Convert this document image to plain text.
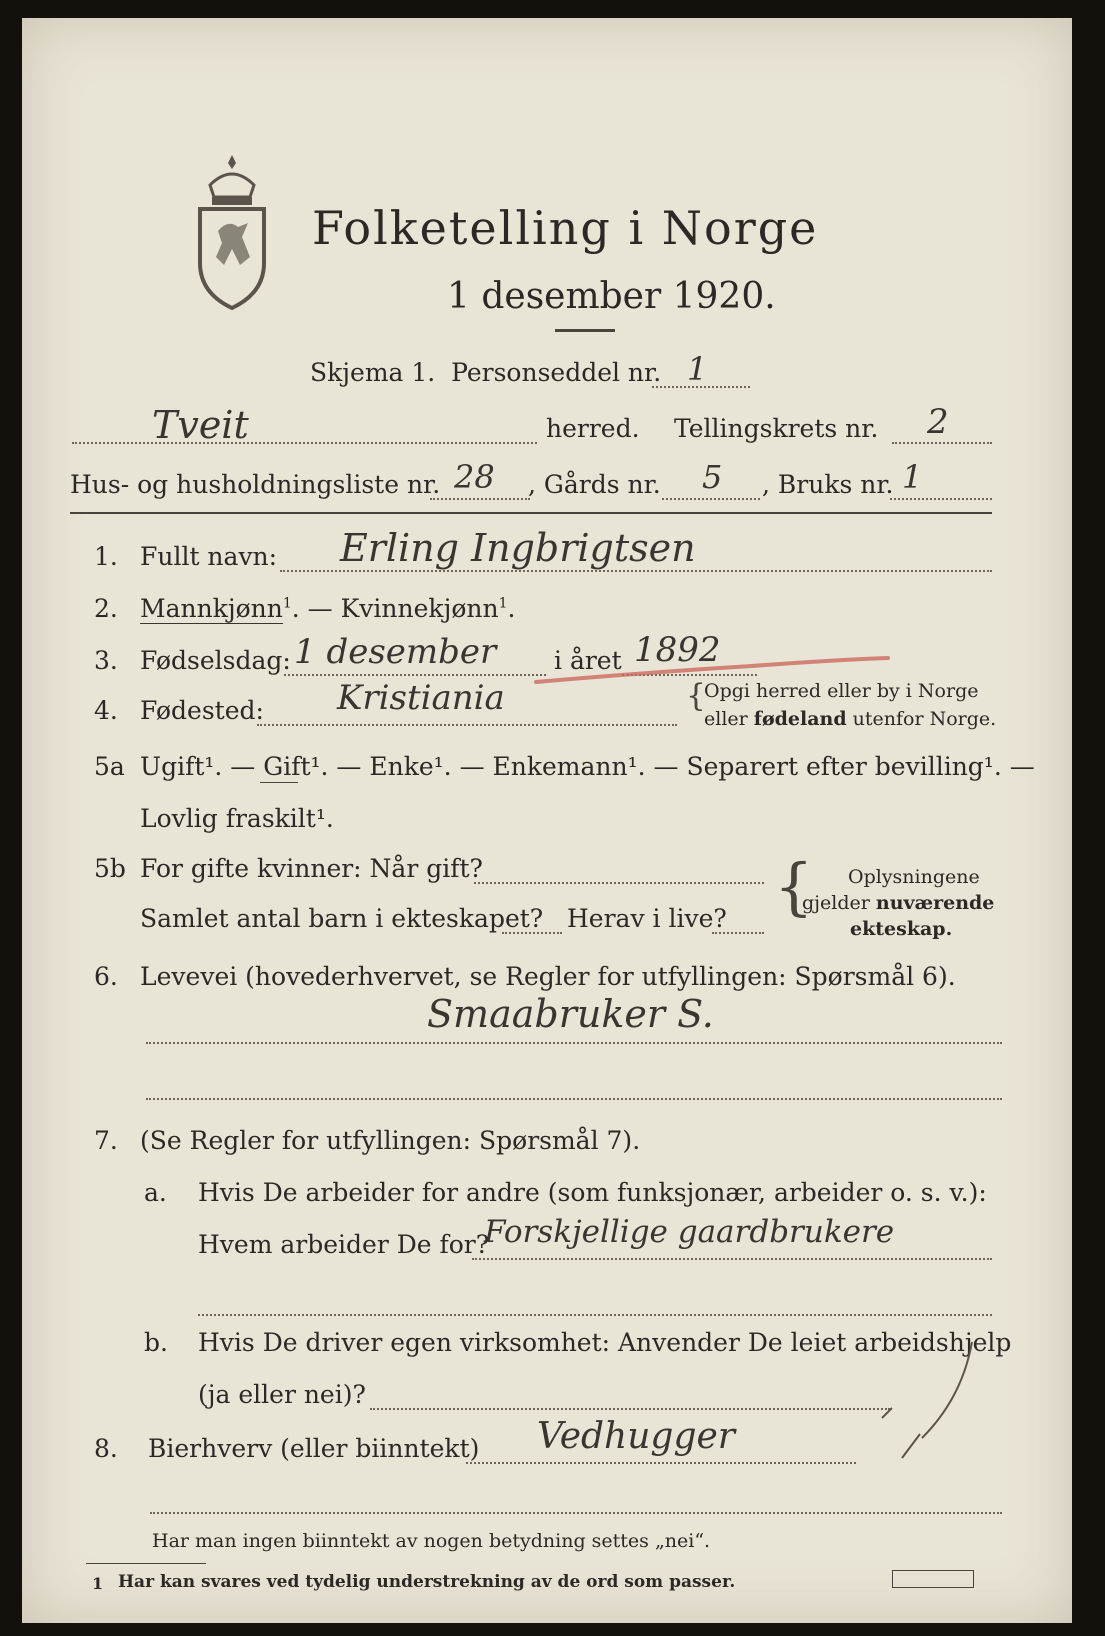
Folketelling i Norge
1 desember 1920.
Skjema 1. Personseddel nr. 1
Tveit	herred. Tellingskrets nr. 2
Hus- og husholdningsliste nr. 28 , Gårds nr. 5 , Bruks nr. 1
1. Fullt navn: Erling Ingbrigtsen
2. Mannkjønn$^1$. — Kvinnekjønn$^1$.
3. Fødselsdag: 1 desember i året 1892
4. Fødested: Kristiania	{
Opgi herred eller by i Norge
eller fødeland utenfor Norge.
5a Ugift¹. — Gift¹. — Enke¹. — Enkemann¹. — Separert efter bevilling¹. —
Lovlig fraskilt¹.
5b For gifte kvinner: Når gift?
Samlet antal barn i ekteskapet? Herav i live? { Oplysningene
gjelder nuværende
ekteskap.
6. Levevei (hovederhvervet, se Regler for utfyllingen: Spørsmål 6).
Smaabruker S.
7. (Se Regler for utfyllingen: Spørsmål 7).
a. Hvis De arbeider for andre (som funksjonær, arbeider o. s. v.):
Hvem arbeider De for?
Forskjellige gaardbrukere
b. Hvis De driver egen virksomhet: Anvender De leiet arbeidshjelp
(ja eller nei)?
8. Bierhverv (eller biinntekt) Vedhugger
Har man ingen biinntekt av nogen betydning settes „nei“.
1 Har kan svares ved tydelig understrekning av de ord som passer.
